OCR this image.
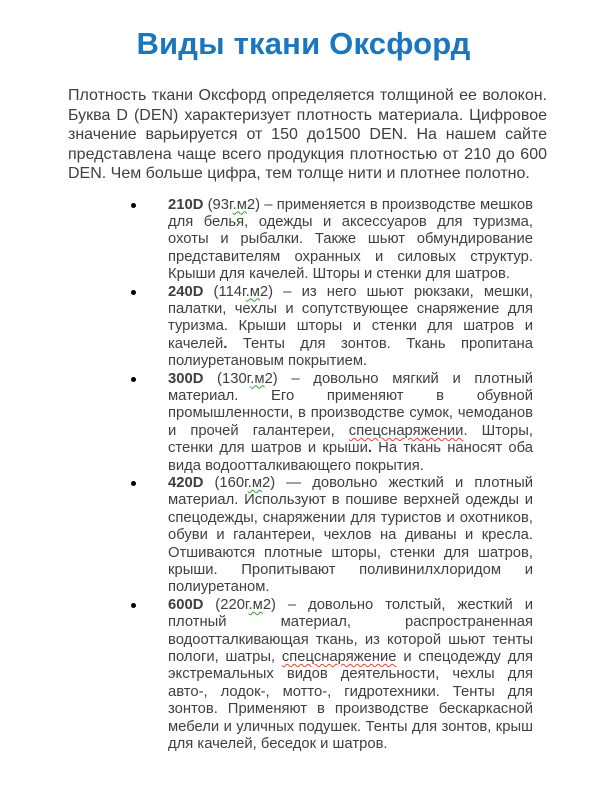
Виды ткани Оксфорд

Плотность ткани Оксфорд определяется толщиной ее волокон. Буква D (DEN) характеризует плотность материала. Цифровое значение варьируется от 150 до1500 DEN. На нашем сайте представлена чаще всего продукция плотностью от 210 до 600 DEN. Чем больше цифра, тем толще нити и плотнее полотно.

210D (93г.м2) – применяется в производстве мешков для белья, одежды и аксессуаров для туризма, охоты и рыбалки. Также шьют обмундирование представителям охранных и силовых структур. Крыши для качелей. Шторы и стенки для шатров.
240D (114г.м2) – из него шьют рюкзаки, мешки, палатки, чехлы и сопутствующее снаряжение для туризма. Крыши шторы и стенки для шатров и качелей. Тенты для зонтов. Ткань пропитана полиуретановым покрытием.
300D (130г.м2) – довольно мягкий и плотный материал. Его применяют в обувной промышленности, в производстве сумок, чемоданов и прочей галантереи, спецснаряжении. Шторы, стенки для шатров и крыши. На ткань наносят оба вида водоотталкивающего покрытия.
420D (160г.м2) — довольно жесткий и плотный материал. Используют в пошиве верхней одежды и спецодежды, снаряжении для туристов и охотников, обуви и галантереи, чехлов на диваны и кресла. Отшиваются плотные шторы, стенки для шатров, крыши. Пропитывают поливинилхлоридом и полиуретаном.
600D (220г.м2) – довольно толстый, жесткий и плотный материал, распространенная водоотталкивающая ткань, из которой шьют тенты пологи, шатры, спецснаряжение и спецодежду для экстремальных видов деятельности, чехлы для авто-, лодок-, мотто-, гидротехники. Тенты для зонтов. Применяют в производстве бескаркасной мебели и уличных подушек. Тенты для зонтов, крыш для качелей, беседок и шатров.
